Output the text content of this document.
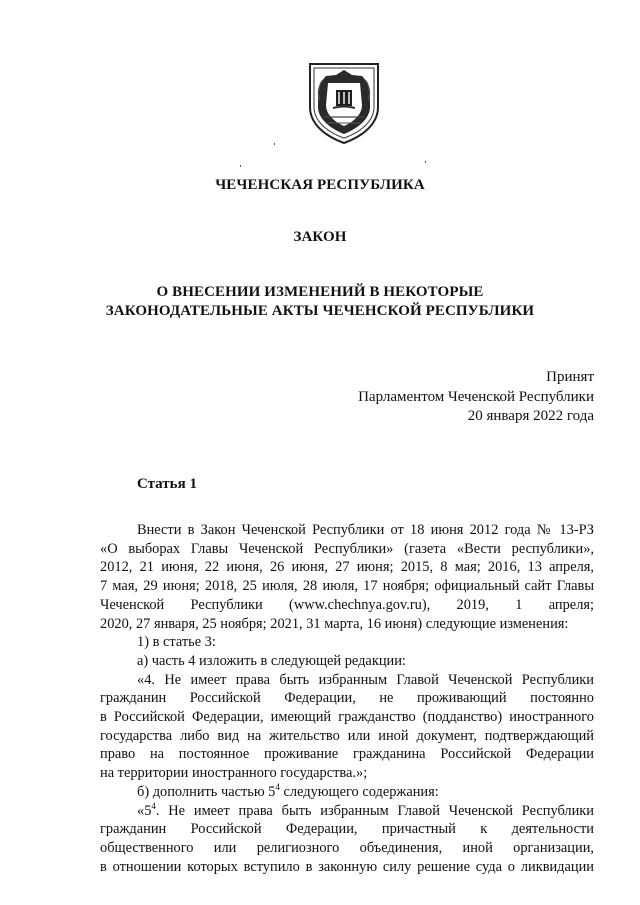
ЧЕЧЕНСКАЯ РЕСПУБЛИКА
ЗАКОН
О ВНЕСЕНИИ ИЗМЕНЕНИЙ В НЕКОТОРЫЕ
ЗАКОНОДАТЕЛЬНЫЕ АКТЫ ЧЕЧЕНСКОЙ РЕСПУБЛИКИ
Принят
Парламентом Чеченской Республики
20 января 2022 года
Статья 1

Внести в Закон Чеченской Республики от 18 июня 2012 года № 13-РЗ

«О выборах Главы Чеченской Республики» (газета «Вести республики»,

2012, 21 июня, 22 июня, 26 июня, 27 июня; 2015, 8 мая; 2016, 13 апреля,

7 мая, 29 июня; 2018, 25 июля, 28 июля, 17 ноября; официальный сайт Главы

Чеченской Республики (www.chechnya.gov.ru), 2019, 1 апреля;

2020, 27 января, 25 ноября; 2021, 31 марта, 16 июня) следующие изменения:

1) в статье 3:

а) часть 4 изложить в следующей редакции:

«4. Не имеет права быть избранным Главой Чеченской Республики

гражданин Российской Федерации, не проживающий постоянно

в Российской Федерации, имеющий гражданство (подданство) иностранного

государства либо вид на жительство или иной документ, подтверждающий

право на постоянное проживание гражданина Российской Федерации

на территории иностранного государства.»;

б) дополнить частью $5^4$ следующего содержания:

«$5^4$. Не имеет права быть избранным Главой Чеченской Республики

гражданин Российской Федерации, причастный к деятельности

общественного или религиозного объединения, иной организации,

в отношении которых вступило в законную силу решение суда о ликвидации
